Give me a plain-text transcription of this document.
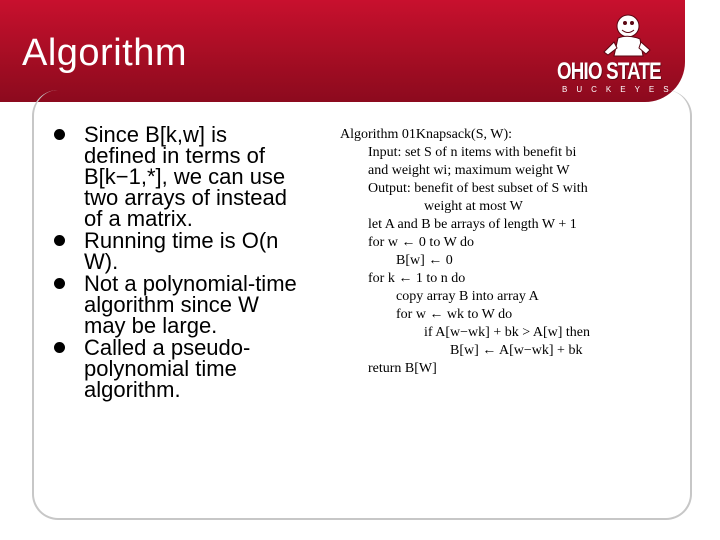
Algorithm	OHIO STATE
BUCKEYES
Since B[k,w] is defined in terms of B[k−1,*], we can use two arrays of instead of a matrix.
Running time is O(n W).
Not a polynomial-time algorithm since W may be large.
Called a pseudo-polynomial time algorithm.
Algorithm 01Knapsack(S, W):
Input: set S of n items with benefit bi
and weight wi; maximum weight W
Output: benefit of best subset of S with
weight at most W
let A and B be arrays of length W + 1
for w ← 0 to W do
B[w] ← 0
for k ← 1 to n do
copy array B into array A
for w ← wk to W do
if A[w−wk] + bk > A[w] then
B[w] ← A[w−wk] + bk
return B[W]
